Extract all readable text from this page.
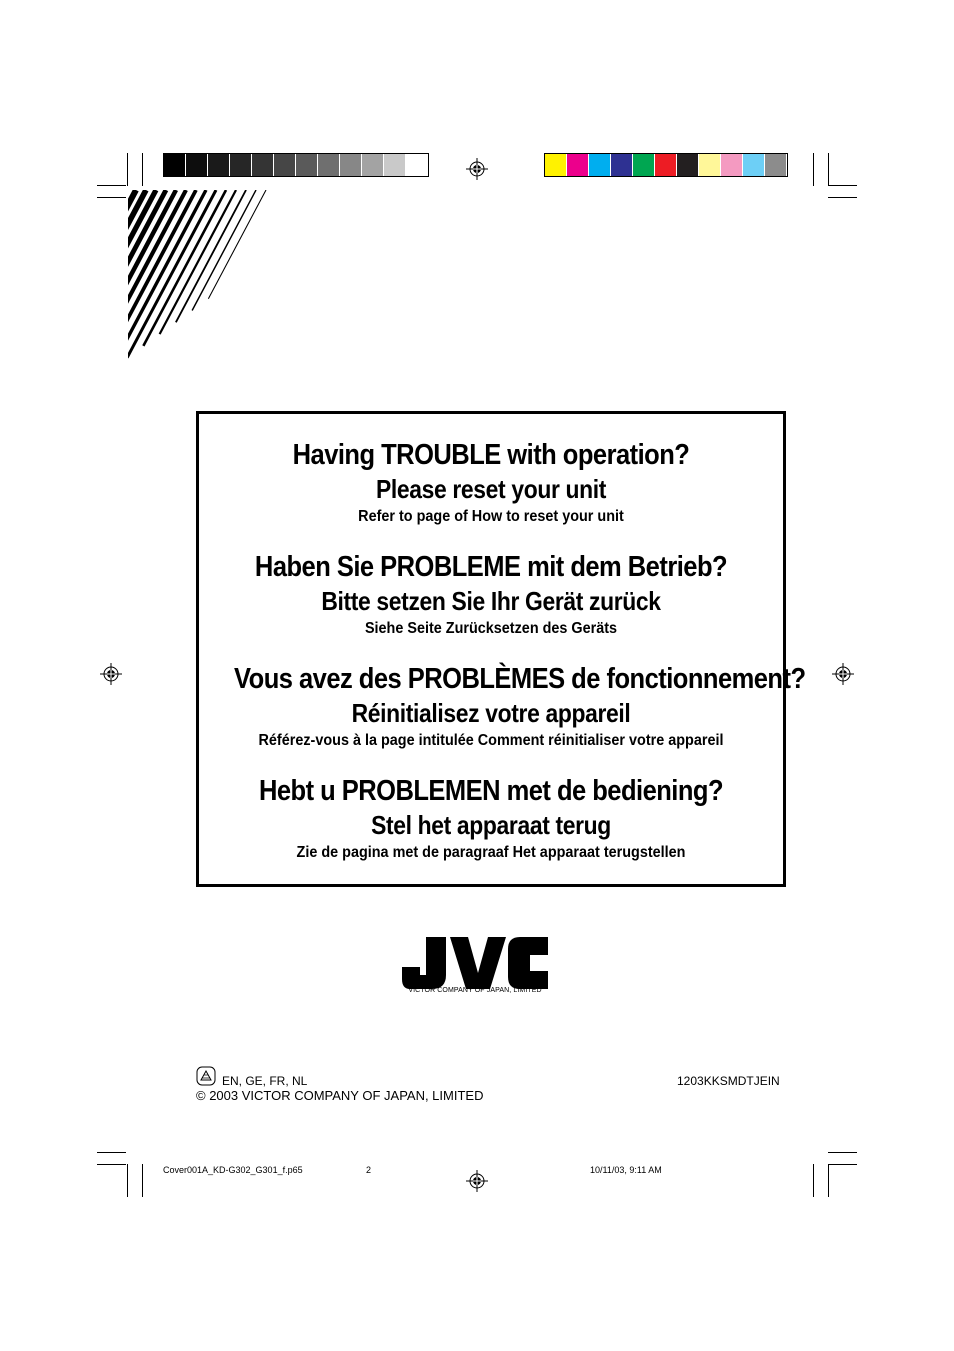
Having TROUBLE with operation?
Please reset your unit
Refer to page of How to reset your unit
Haben Sie PROBLEME mit dem Betrieb?
Bitte setzen Sie Ihr Gerät zurück
Siehe Seite Zurücksetzen des Geräts
Vous avez des PROBLÈMES de fonctionnement?
Réinitialisez votre appareil
Référez-vous à la page intitulée Comment réinitialiser votre appareil
Hebt u PROBLEMEN met de bediening?
Stel het apparaat terug
Zie de pagina met de paragraaf Het apparaat terugstellen
VICTOR COMPANY OF JAPAN, LIMITED
EN, GE, FR, NL	1203KKSMDTJEIN
© 2003 VICTOR COMPANY OF JAPAN, LIMITED
Cover001A_KD-G302_G301_f.p65	2	10/11/03, 9:11 AM
